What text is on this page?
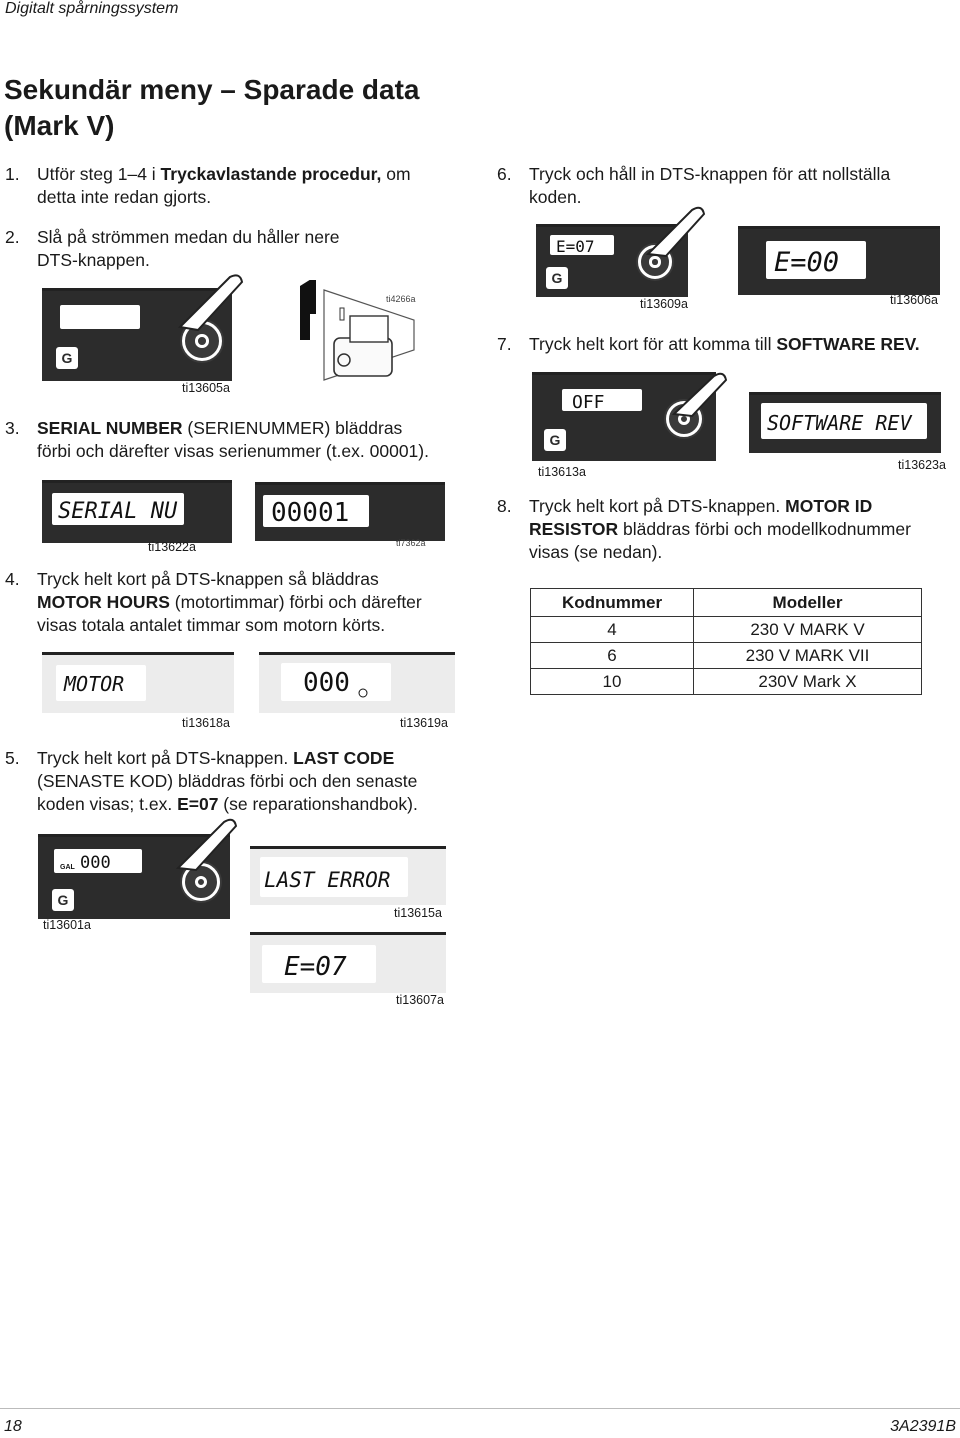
Digitalt spårningssystem
Sekundär meny – Sparade data
(Mark V)
1. Utför steg 1–4 i Tryckavlastande procedur, om
detta inte redan gjorts.
2. Slå på strömmen medan du håller nere
DTS-knappen.
G
ti13605a
ti4266a
3. SERIAL NUMBER (SERIENUMMER) bläddras
förbi och därefter visas serienummer (t.ex. 00001).
SERIAL NU
ti13622a
00001
ti7362a
4. Tryck helt kort på DTS-knappen så bläddras
MOTOR HOURS (motortimmar) förbi och därefter
visas totala antalet timmar som motorn körts.
MOTOR
ti13618a
000
ti13619a
5. Tryck helt kort på DTS-knappen. LAST CODE
(SENASTE KOD) bläddras förbi och den senaste
koden visas; t.ex. E=07 (se reparationshandbok).
GAL 000
G
ti13601a
LAST ERROR
ti13615a
E=07
ti13607a
6. Tryck och håll in DTS-knappen för att nollställa
koden.
E=07
G
ti13609a
E=00
ti13606a
7. Tryck helt kort för att komma till SOFTWARE REV.
OFF
G
ti13613a
SOFTWARE REV
ti13623a
8. Tryck helt kort på DTS-knappen. MOTOR ID
RESISTOR bläddras förbi och modellkodnummer
visas (se nedan).
Kodnummer	Modeller
4	230 V MARK V
6	230 V MARK VII
10	230V Mark X
18	3A2391B
